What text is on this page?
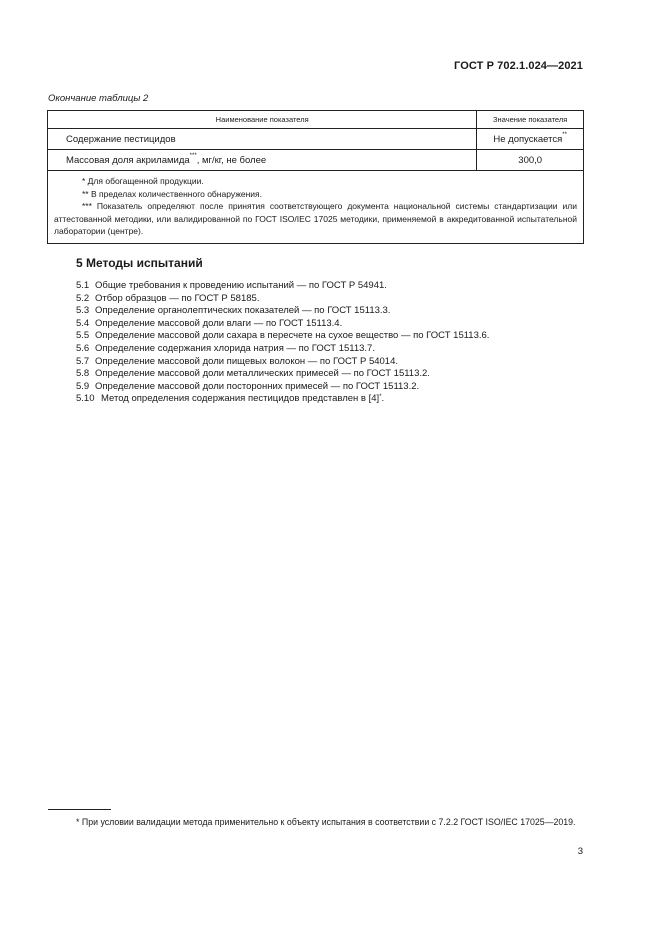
ГОСТ Р 702.1.024—2021
Окончание таблицы 2
Наименование показателя	Значение показателя
Содержание пестицидов	Не допускается**
Массовая доля акриламида***, мг/кг, не более	300,0

* Для обогащенной продукции.

** В пределах количественного обнаружения.

*** Показатель определяют после принятия соответствующего документа национальной системы стандартизации или аттестованной методики, или валидированной по ГОСТ ISO/IEC 17025 методики, применяемой в аккредитованной испытательной лаборатории (центре).	

5 Методы испытаний
5.1 Общие требования к проведению испытаний — по ГОСТ Р 54941.
5.2 Отбор образцов — по ГОСТ Р 58185.
5.3 Определение органолептических показателей — по ГОСТ 15113.3.
5.4 Определение массовой доли влаги — по ГОСТ 15113.4.
5.5 Определение массовой доли сахара в пересчете на сухое вещество — по ГОСТ 15113.6.
5.6 Определение содержания хлорида натрия — по ГОСТ 15113.7.
5.7 Определение массовой доли пищевых волокон — по ГОСТ Р 54014.
5.8 Определение массовой доли металлических примесей — по ГОСТ 15113.2.
5.9 Определение массовой доли посторонних примесей — по ГОСТ 15113.2.
5.10 Метод определения содержания пестицидов представлен в [4]*.
* При условии валидации метода применительно к объекту испытания в соответствии с 7.2.2 ГОСТ ISO/IEC 17025—2019.
3
